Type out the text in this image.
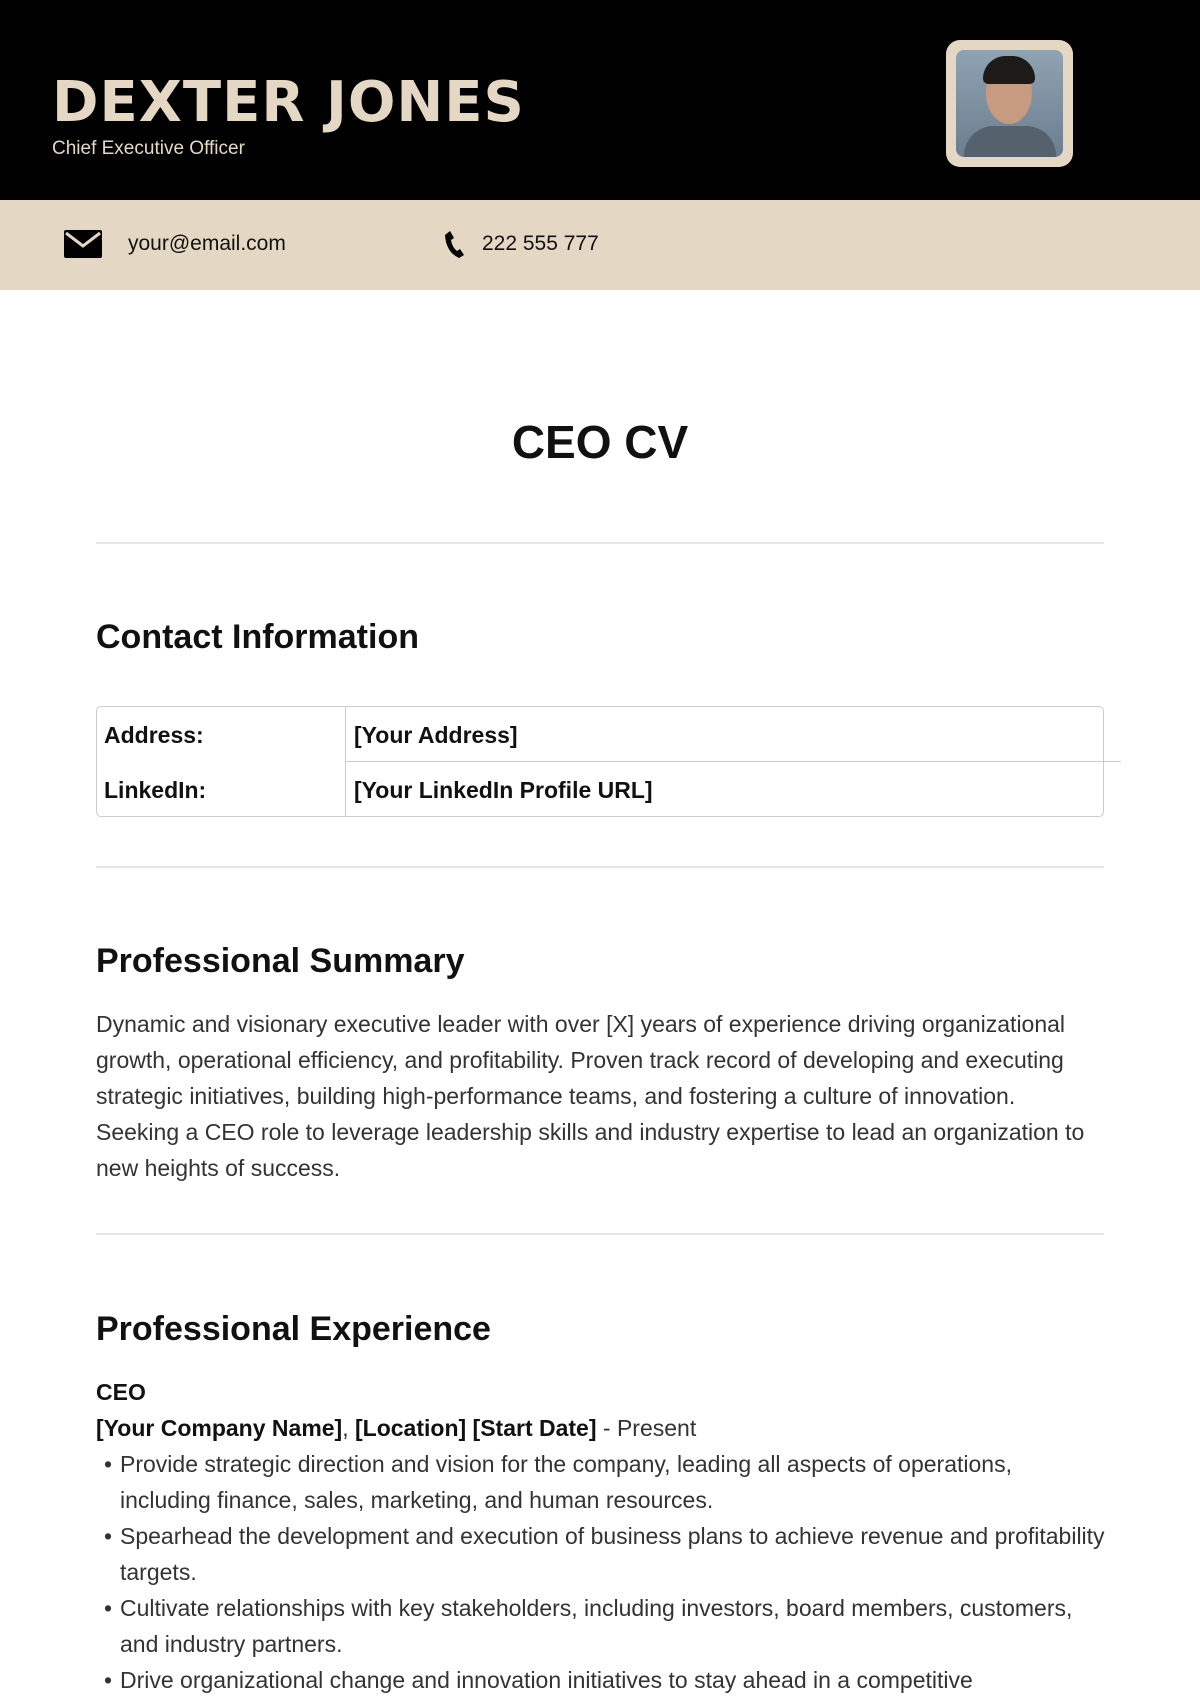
DEXTER JONES
Chief Executive Officer
your@email.com	222 555 777
CEO CV
Contact Information
Address:	[Your Address]
LinkedIn:	[Your LinkedIn Profile URL]
Professional Summary
Dynamic and visionary executive leader with over [X] years of experience driving organizational growth, operational efficiency, and profitability. Proven track record of developing and executing strategic initiatives, building high-performance teams, and fostering a culture of innovation. Seeking a CEO role to leverage leadership skills and industry expertise to lead an organization to new heights of success.
Professional Experience
CEO
[Your Company Name], [Location] [Start Date] - Present
• Provide strategic direction and vision for the company, leading all aspects of operations, including finance, sales, marketing, and human resources.
• Spearhead the development and execution of business plans to achieve revenue and profitability targets.
• Cultivate relationships with key stakeholders, including investors, board members, customers, and industry partners.
• Drive organizational change and innovation initiatives to stay ahead in a competitive
